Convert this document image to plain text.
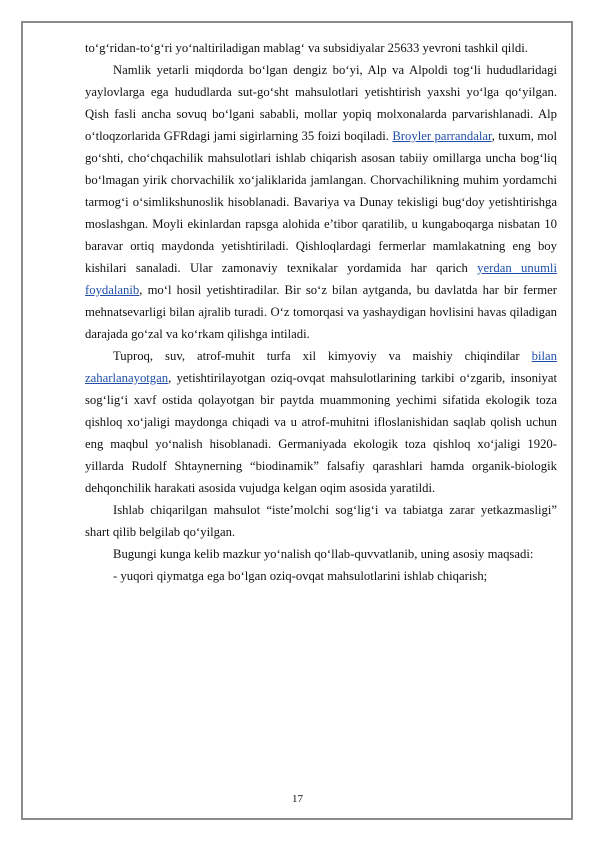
to‘g‘ridan-to‘g‘ri yo‘naltiriladigan mablag‘ va subsidiyalar 25633 yevroni tashkil qildi.

Namlik yetarli miqdorda bo‘lgan dengiz bo‘yi, Alp va Alpoldi tog‘li hududlaridagi yaylovlarga ega hududlarda sut-go‘sht mahsulotlari yetishtirish yaxshi yo‘lga qo‘yilgan. Qish fasli ancha sovuq bo‘lgani sababli, mollar yopiq molxonalarda parvarishlanadi. Alp o‘tloqzorlarida GFRdagi jami sigirlarning 35 foizi boqiladi. Broyler parrandalar, tuxum, mol go‘shti, cho‘chqachilik mahsulotlari ishlab chiqarish asosan tabiiy omillarga uncha bog‘liq bo‘lmagan yirik chorvachilik xo‘jaliklarida jamlangan. Chorvachilikning muhim yordamchi tarmog‘i o‘simlikshunoslik hisoblanadi. Bavariya va Dunay tekisligi bug‘doy yetishtirishga moslashgan. Moyli ekinlardan rapsga alohida e’tibor qaratilib, u kungaboqarga nisbatan 10 baravar ortiq maydonda yetishtiriladi. Qishloqlardagi fermerlar mamlakatning eng boy kishilari sanaladi. Ular zamonaviy texnikalar yordamida har qarich yerdan unumli foydalanib, mo‘l hosil yetishtiradilar. Bir so‘z bilan aytganda, bu davlatda har bir fermer mehnatsevarligi bilan ajralib turadi. O‘z tomorqasi va yashaydigan hovlisini havas qiladigan darajada go‘zal va ko‘rkam qilishga intiladi.

Tuproq, suv, atrof-muhit turfa xil kimyoviy va maishiy chiqindilar bilan zaharlanayotgan, yetishtirilayotgan oziq-ovqat mahsulotlarining tarkibi o‘zgarib, insoniyat sog‘lig‘i xavf ostida qolayotgan bir paytda muammoning yechimi sifatida ekologik toza qishloq xo‘jaligi maydonga chiqadi va u atrof-muhitni ifloslanishidan saqlab qolish uchun eng maqbul yo‘nalish hisoblanadi. Germaniyada ekologik toza qishloq xo‘jaligi 1920-yillarda Rudolf Shtaynerning “biodinamik” falsafiy qarashlari hamda organik-biologik dehqonchilik harakati asosida vujudga kelgan oqim asosida yaratildi.

Ishlab chiqarilgan mahsulot “iste’molchi sog‘lig‘i va tabiatga zarar yetkazmasligi” shart qilib belgilab qo‘yilgan.

Bugungi kunga kelib mazkur yo‘nalish qo‘llab-quvvatlanib, uning asosiy maqsadi:

- yuqori qiymatga ega bo‘lgan oziq-ovqat mahsulotlarini ishlab chiqarish;

17
